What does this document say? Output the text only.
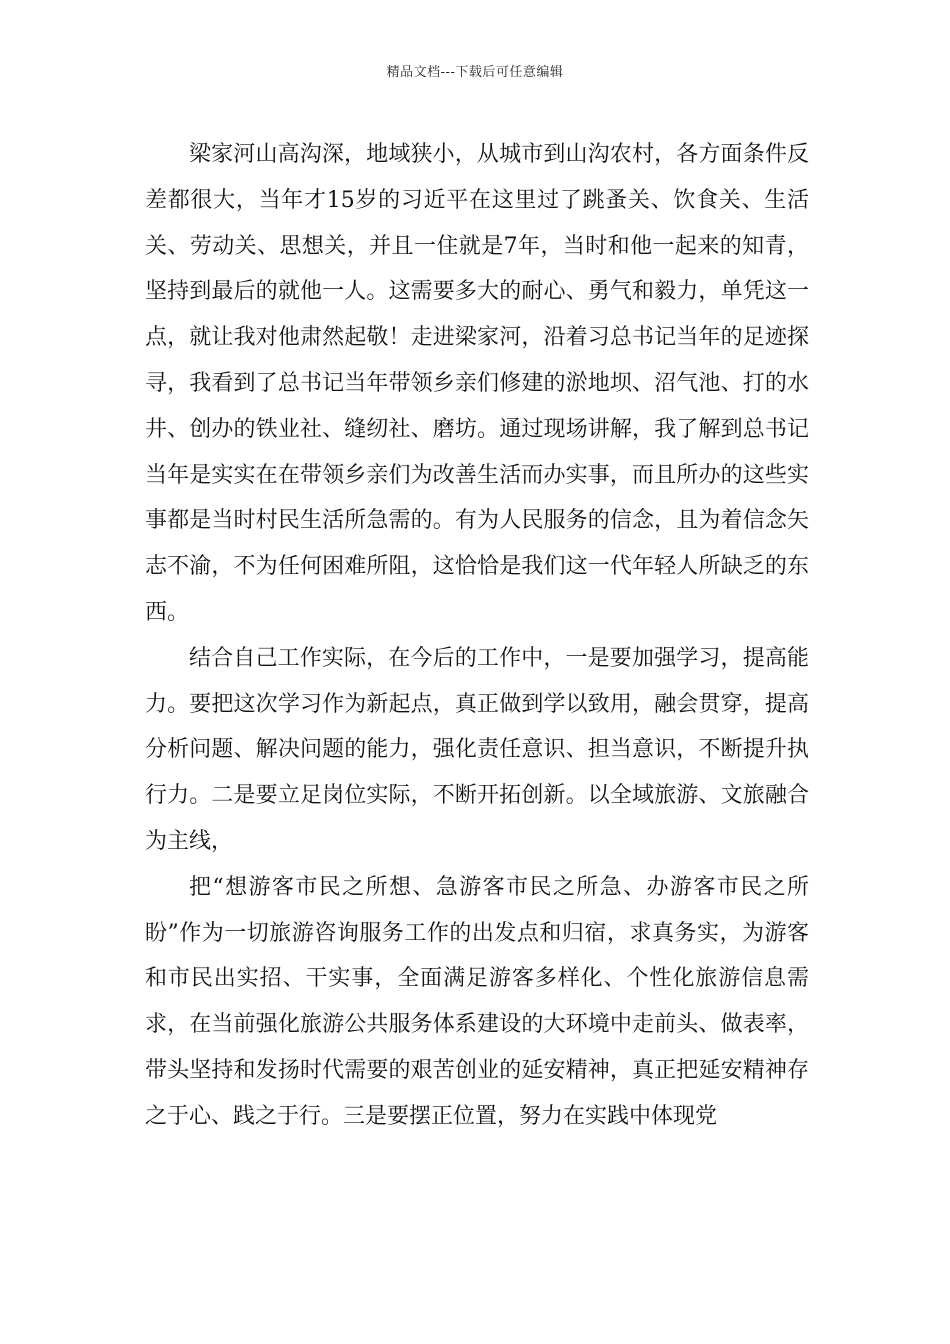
精品文档---下载后可任意编辑

梁家河山高沟深，地域狭小，从城市到山沟农村，各方面条件反差都很大，当年才15岁的习近平在这里过了跳蚤关、饮食关、生活关、劳动关、思想关，并且一住就是7年，当时和他一起来的知青，坚持到最后的就他一人。这需要多大的耐心、勇气和毅力，单凭这一点，就让我对他肃然起敬！走进梁家河，沿着习总书记当年的足迹探寻，我看到了总书记当年带领乡亲们修建的淤地坝、沼气池、打的水井、创办的铁业社、缝纫社、磨坊。通过现场讲解，我了解到总书记当年是实实在在带领乡亲们为改善生活而办实事，而且所办的这些实事都是当时村民生活所急需的。有为人民服务的信念，且为着信念矢志不渝，不为任何困难所阻，这恰恰是我们这一代年轻人所缺乏的东西。

结合自己工作实际，在今后的工作中，一是要加强学习，提高能力。要把这次学习作为新起点，真正做到学以致用，融会贯穿，提高分析问题、解决问题的能力，强化责任意识、担当意识，不断提升执行力。二是要立足岗位实际，不断开拓创新。以全域旅游、文旅融合为主线，

把“想游客市民之所想、急游客市民之所急、办游客市民之所盼”作为一切旅游咨询服务工作的出发点和归宿，求真务实，为游客和市民出实招、干实事，全面满足游客多样化、个性化旅游信息需求，在当前强化旅游公共服务体系建设的大环境中走前头、做表率，带头坚持和发扬时代需要的艰苦创业的延安精神，真正把延安精神存之于心、践之于行。三是要摆正位置，努力在实践中体现党
